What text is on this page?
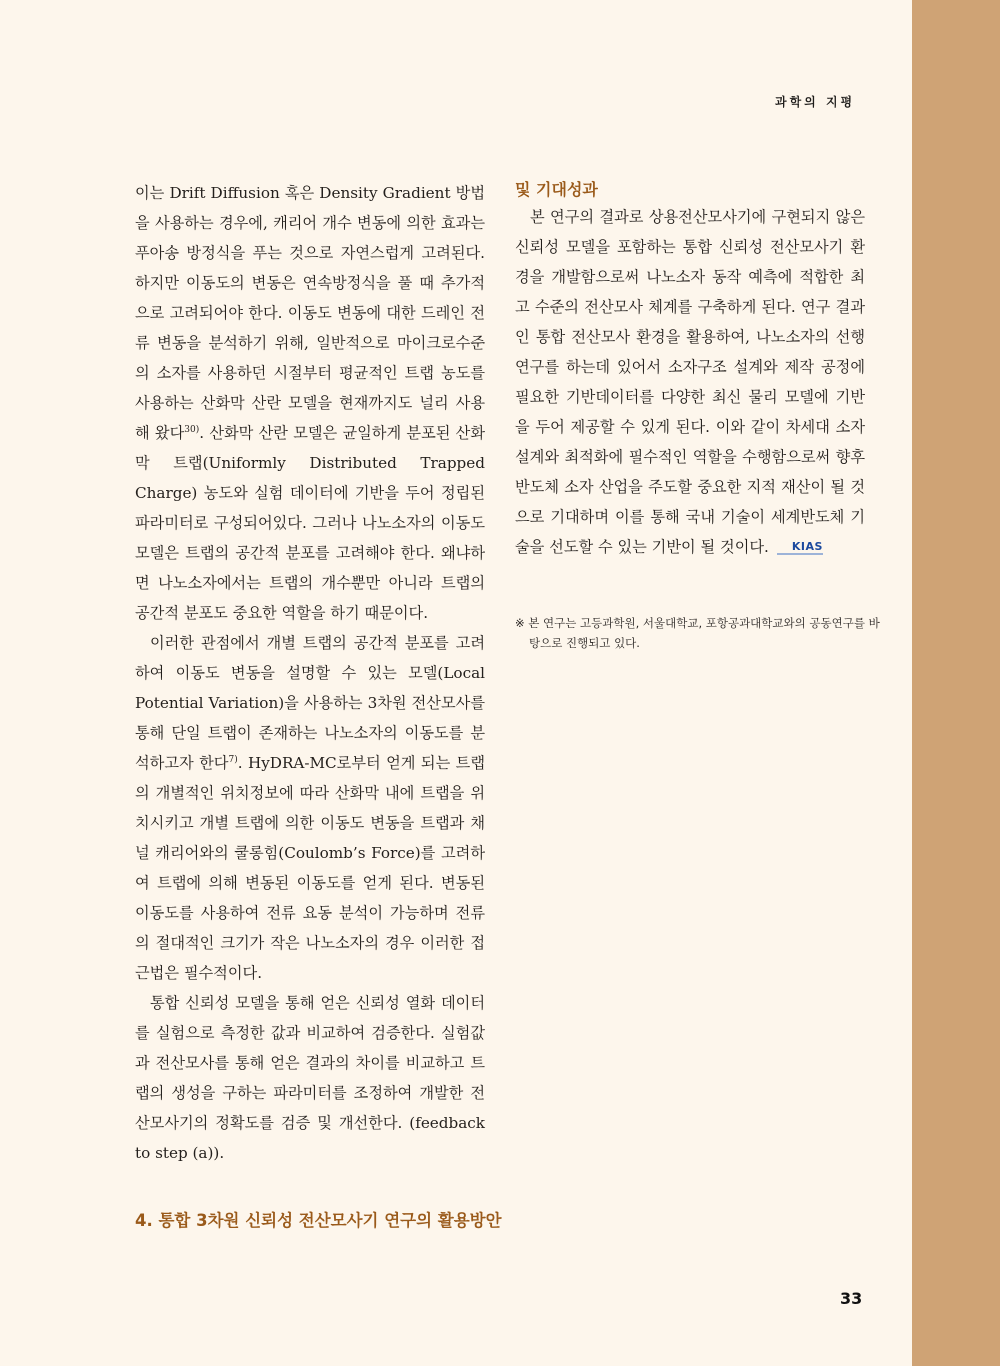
과학의 지평

이는 Drift Diffusion 혹은 Density Gradient 방법을 사용하는 경우에, 캐리어 개수 변동에 의한 효과는 푸아송 방정식을 푸는 것으로 자연스럽게 고려된다. 하지만 이동도의 변동은 연속방정식을 풀 때 추가적으로 고려되어야 한다. 이동도 변동에 대한 드레인 전류 변동을 분석하기 위해, 일반적으로 마이크로수준의 소자를 사용하던 시절부터 평균적인 트랩 농도를 사용하는 산화막 산란 모델을 현재까지도 널리 사용해 왔다$^{30)}$. 산화막 산란 모델은 균일하게 분포된 산화막 트랩(Uniformly Distributed Trapped Charge) 농도와 실험 데이터에 기반을 두어 정립된 파라미터로 구성되어있다. 그러나 나노소자의 이동도 모델은 트랩의 공간적 분포를 고려해야 한다. 왜냐하면 나노소자에서는 트랩의 개수뿐만 아니라 트랩의 공간적 분포도 중요한 역할을 하기 때문이다.

이러한 관점에서 개별 트랩의 공간적 분포를 고려하여 이동도 변동을 설명할 수 있는 모델(Local Potential Variation)을 사용하는 3차원 전산모사를 통해 단일 트랩이 존재하는 나노소자의 이동도를 분석하고자 한다$^{7)}$. HyDRA-MC로부터 얻게 되는 트랩의 개별적인 위치정보에 따라 산화막 내에 트랩을 위치시키고 개별 트랩에 의한 이동도 변동을 트랩과 채널 캐리어와의 쿨롱힘(Coulomb’s Force)를 고려하여 트랩에 의해 변동된 이동도를 얻게 된다. 변동된 이동도를 사용하여 전류 요동 분석이 가능하며 전류의 절대적인 크기가 작은 나노소자의 경우 이러한 접근법은 필수적이다.

통합 신뢰성 모델을 통해 얻은 신뢰성 열화 데이터를 실험으로 측정한 값과 비교하여 검증한다. 실험값과 전산모사를 통해 얻은 결과의 차이를 비교하고 트랩의 생성을 구하는 파라미터를 조정하여 개발한 전산모사기의 정확도를 검증 및 개선한다. (feedback to step (a)).

4. 통합 3차원 신뢰성 전산모사기 연구의 활용방안

및 기대성과

본 연구의 결과로 상용전산모사기에 구현되지 않은 신뢰성 모델을 포함하는 통합 신뢰성 전산모사기 환경을 개발함으로써 나노소자 동작 예측에 적합한 최고 수준의 전산모사 체계를 구축하게 된다. 연구 결과인 통합 전산모사 환경을 활용하여, 나노소자의 선행연구를 하는데 있어서 소자구조 설계와 제작 공정에 필요한 기반데이터를 다양한 최신 물리 모델에 기반을 두어 제공할 수 있게 된다. 이와 같이 차세대 소자설계와 최적화에 필수적인 역할을 수행함으로써 향후 반도체 소자 산업을 주도할 중요한 지적 재산이 될 것으로 기대하며 이를 통해 국내 기술이 세계반도체 기술을 선도할 수 있는 기반이 될 것이다. KIAS

※ 본 연구는 고등과학원, 서울대학교, 포항공과대학교와의 공동연구를 바탕으로 진행되고 있다.
33
